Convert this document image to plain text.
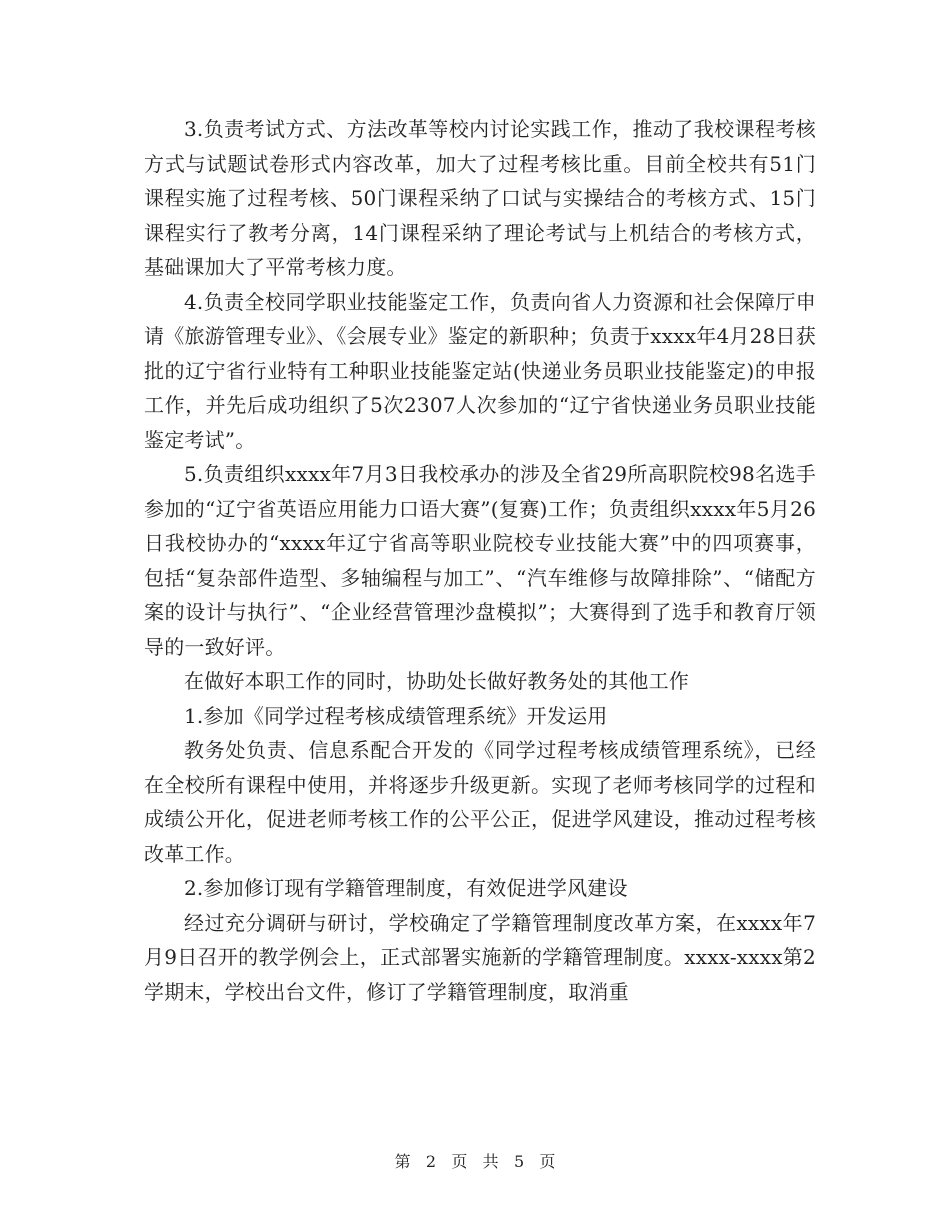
3.负责考试方式、方法改革等校内讨论实践工作，推动了我校课程考核方式与试题试卷形式内容改革，加大了过程考核比重。目前全校共有51门课程实施了过程考核、50门课程采纳了口试与实操结合的考核方式、15门课程实行了教考分离，14门课程采纳了理论考试与上机结合的考核方式，基础课加大了平常考核力度。

4.负责全校同学职业技能鉴定工作，负责向省人力资源和社会保障厅申请《旅游管理专业》、《会展专业》鉴定的新职种；负责于xxxx年4月28日获批的辽宁省行业特有工种职业技能鉴定站(快递业务员职业技能鉴定)的申报工作，并先后成功组织了5次2307人次参加的“辽宁省快递业务员职业技能鉴定考试”。

5.负责组织xxxx年7月3日我校承办的涉及全省29所高职院校98名选手参加的“辽宁省英语应用能力口语大赛”(复赛)工作；负责组织xxxx年5月26日我校协办的“xxxx年辽宁省高等职业院校专业技能大赛”中的四项赛事，包括“复杂部件造型、多轴编程与加工”、“汽车维修与故障排除”、“储配方案的设计与执行”、“企业经营管理沙盘模拟”；大赛得到了选手和教育厅领导的一致好评。

在做好本职工作的同时，协助处长做好教务处的其他工作

1.参加《同学过程考核成绩管理系统》开发运用

教务处负责、信息系配合开发的《同学过程考核成绩管理系统》，已经在全校所有课程中使用，并将逐步升级更新。实现了老师考核同学的过程和成绩公开化，促进老师考核工作的公平公正，促进学风建设，推动过程考核改革工作。

2.参加修订现有学籍管理制度，有效促进学风建设

经过充分调研与研讨，学校确定了学籍管理制度改革方案，在xxxx年7月9日召开的教学例会上，正式部署实施新的学籍管理制度。xxxx-xxxx第2学期末，学校出台文件，修订了学籍管理制度，取消重

第 2 页 共 5 页
